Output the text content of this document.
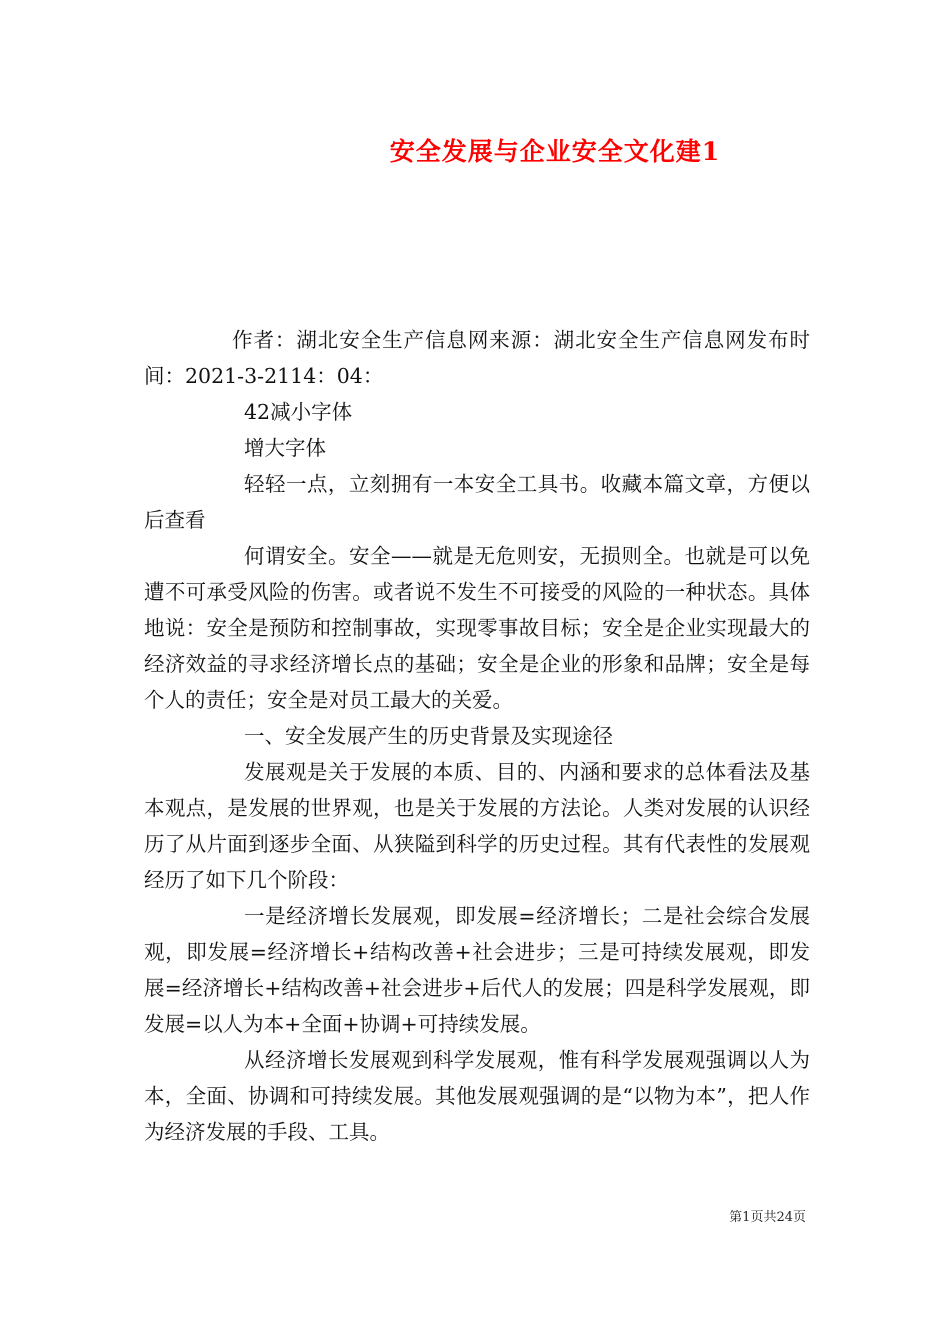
安全发展与企业安全文化建1

作者：湖北安全生产信息网来源：湖北安全生产信息网发布时间：2021-3-2114：04：

42减小字体

增大字体

轻轻一点，立刻拥有一本安全工具书。收藏本篇文章，方便以后查看

何谓安全。安全——就是无危则安，无损则全。也就是可以免遭不可承受风险的伤害。或者说不发生不可接受的风险的一种状态。具体地说：安全是预防和控制事故，实现零事故目标；安全是企业实现最大的经济效益的寻求经济增长点的基础；安全是企业的形象和品牌；安全是每个人的责任；安全是对员工最大的关爱。

一、安全发展产生的历史背景及实现途径

发展观是关于发展的本质、目的、内涵和要求的总体看法及基本观点，是发展的世界观，也是关于发展的方法论。人类对发展的认识经历了从片面到逐步全面、从狭隘到科学的历史过程。其有代表性的发展观经历了如下几个阶段：

一是经济增长发展观，即发展=经济增长；二是社会综合发展观，即发展=经济增长+结构改善+社会进步；三是可持续发展观，即发展=经济增长+结构改善+社会进步+后代人的发展；四是科学发展观，即发展=以人为本+全面+协调+可持续发展。

从经济增长发展观到科学发展观，惟有科学发展观强调以人为本，全面、协调和可持续发展。其他发展观强调的是“以物为本”，把人作为经济发展的手段、工具。

第1页共24页
